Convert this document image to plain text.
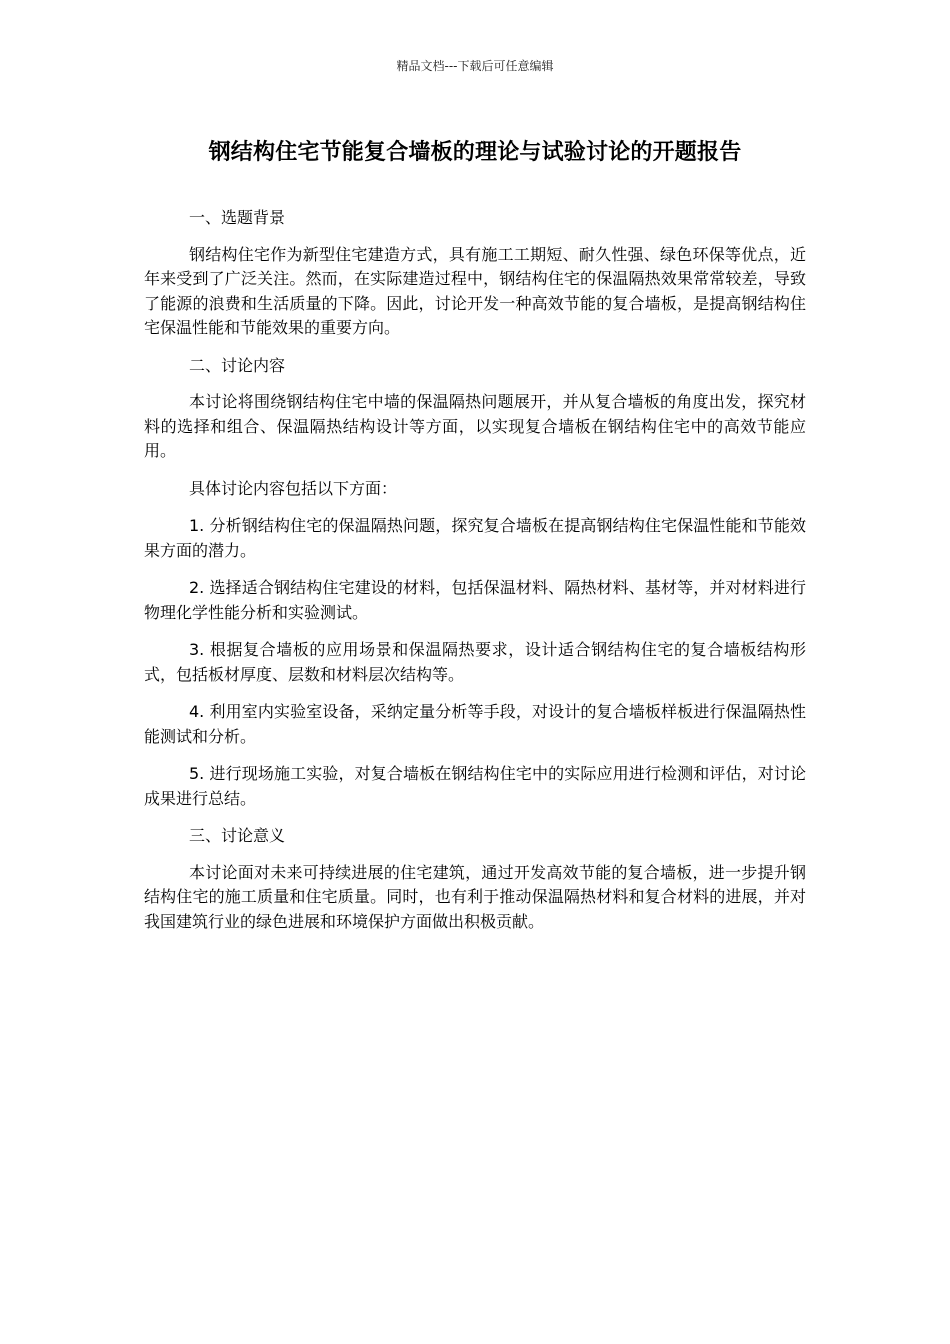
精品文档---下载后可任意编辑
钢结构住宅节能复合墙板的理论与试验讨论的开题报告

一、选题背景

钢结构住宅作为新型住宅建造方式，具有施工工期短、耐久性强、绿色环保等优点，近年来受到了广泛关注。然而，在实际建造过程中，钢结构住宅的保温隔热效果常常较差，导致了能源的浪费和生活质量的下降。因此，讨论开发一种高效节能的复合墙板，是提高钢结构住宅保温性能和节能效果的重要方向。

二、讨论内容

本讨论将围绕钢结构住宅中墙的保温隔热问题展开，并从复合墙板的角度出发，探究材料的选择和组合、保温隔热结构设计等方面，以实现复合墙板在钢结构住宅中的高效节能应用。

具体讨论内容包括以下方面：

1. 分析钢结构住宅的保温隔热问题，探究复合墙板在提高钢结构住宅保温性能和节能效果方面的潜力。

2. 选择适合钢结构住宅建设的材料，包括保温材料、隔热材料、基材等，并对材料进行物理化学性能分析和实验测试。

3. 根据复合墙板的应用场景和保温隔热要求，设计适合钢结构住宅的复合墙板结构形式，包括板材厚度、层数和材料层次结构等。

4. 利用室内实验室设备，采纳定量分析等手段，对设计的复合墙板样板进行保温隔热性能测试和分析。

5. 进行现场施工实验，对复合墙板在钢结构住宅中的实际应用进行检测和评估，对讨论成果进行总结。

三、讨论意义

本讨论面对未来可持续进展的住宅建筑，通过开发高效节能的复合墙板，进一步提升钢结构住宅的施工质量和住宅质量。同时，也有利于推动保温隔热材料和复合材料的进展，并对我国建筑行业的绿色进展和环境保护方面做出积极贡献。
